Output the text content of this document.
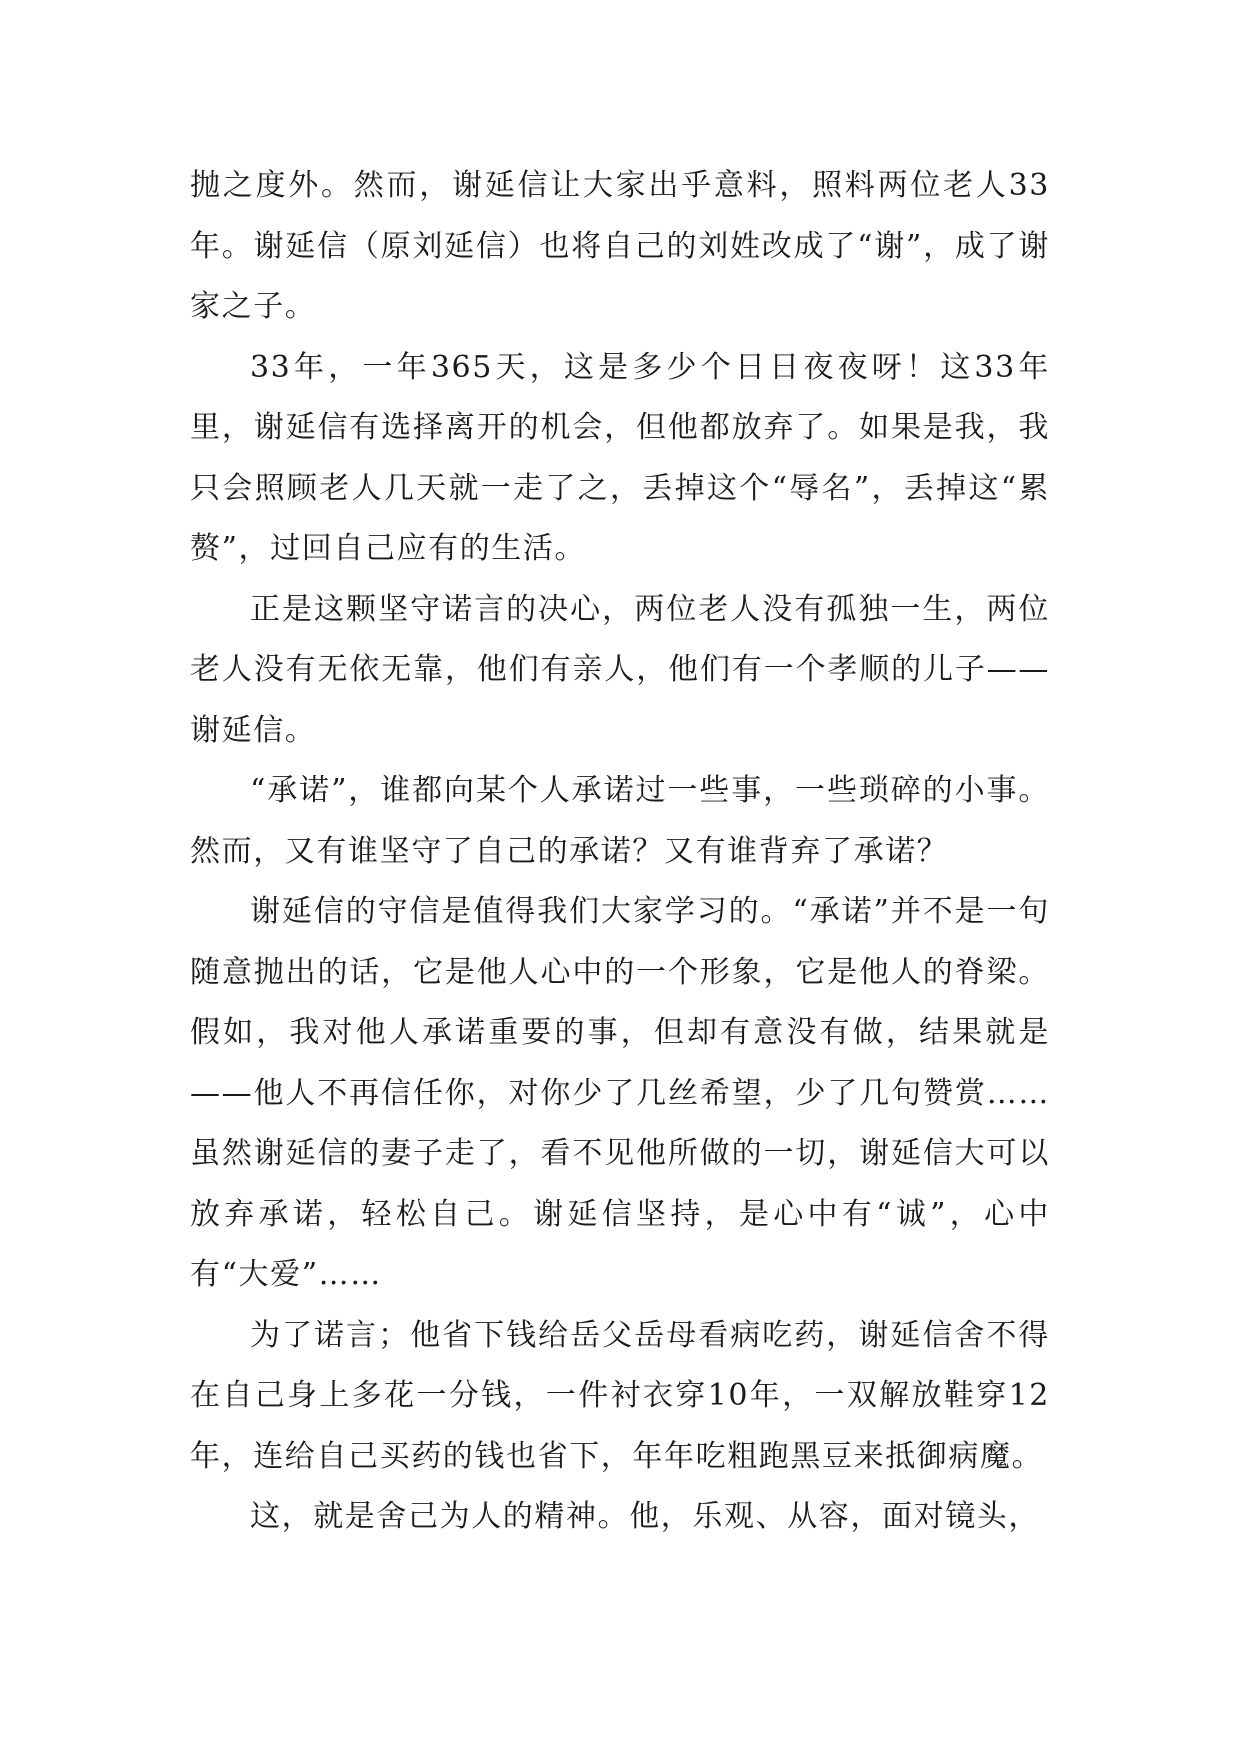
抛之度外。然而，谢延信让大家出乎意料，照料两位老人33年。谢延信（原刘延信）也将自己的刘姓改成了“谢”，成了谢家之子。

33年，一年365天，这是多少个日日夜夜呀！这33年里，谢延信有选择离开的机会，但他都放弃了。如果是我，我只会照顾老人几天就一走了之，丢掉这个“辱名”，丢掉这“累赘”，过回自己应有的生活。

正是这颗坚守诺言的决心，两位老人没有孤独一生，两位老人没有无依无靠，他们有亲人，他们有一个孝顺的儿子——谢延信。

“承诺”，谁都向某个人承诺过一些事，一些琐碎的小事。然而，又有谁坚守了自己的承诺？又有谁背弃了承诺？

谢延信的守信是值得我们大家学习的。“承诺”并不是一句随意抛出的话，它是他人心中的一个形象，它是他人的脊梁。假如，我对他人承诺重要的事，但却有意没有做，结果就是——他人不再信任你，对你少了几丝希望，少了几句赞赏……虽然谢延信的妻子走了，看不见他所做的一切，谢延信大可以放弃承诺，轻松自己。谢延信坚持，是心中有“诚”，心中有“大爱”……

为了诺言；他省下钱给岳父岳母看病吃药，谢延信舍不得在自己身上多花一分钱，一件衬衣穿10年，一双解放鞋穿12年，连给自己买药的钱也省下，年年吃粗跑黑豆来抵御病魔。

这，就是舍己为人的精神。他，乐观、从容，面对镜头，
